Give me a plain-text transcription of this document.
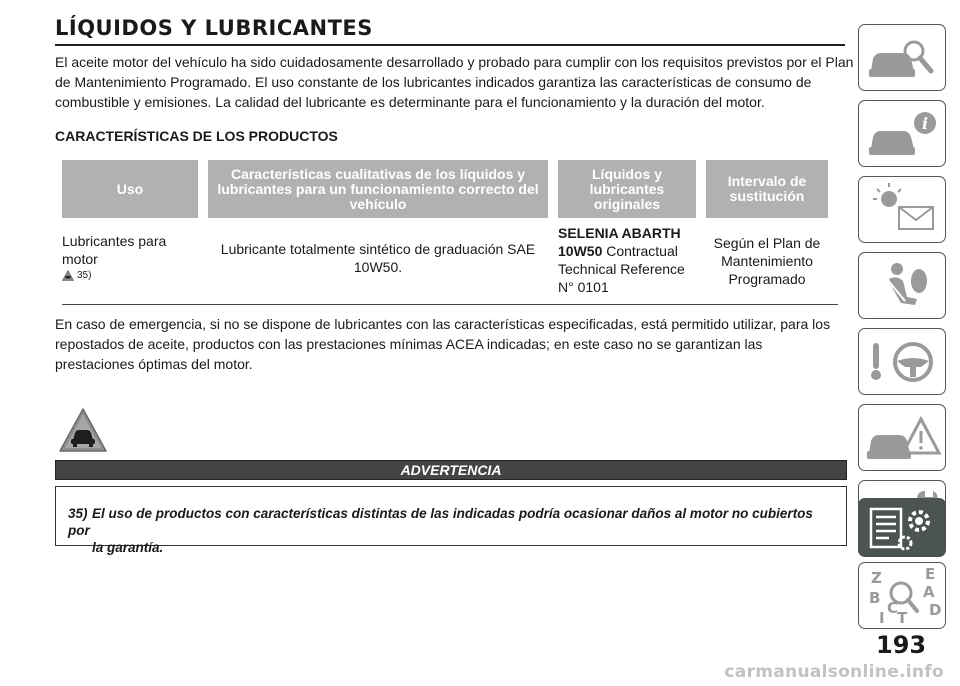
LÍQUIDOS Y LUBRICANTES

El aceite motor del vehículo ha sido cuidadosamente desarrollado y probado para cumplir con los requisitos previstos por el Plan de Mantenimiento Programado. El uso constante de los lubricantes indicados garantiza las características de consumo de combustible y emisiones. La calidad del lubricante es determinante para el funcionamiento y la duración del motor.

CARACTERÍSTICAS DE LOS PRODUCTOS
Uso
Características cualitativas de los líquidos y lubricantes para un funcionamiento correcto del vehículo
Líquidos y lubricantes originales
Intervalo de sustitución
Lubricantes para motor
35)
Lubricante totalmente sintético de graduación SAE 10W50.
SELENIA ABARTH 10W50 Contractual Technical Reference N° 0101
Según el Plan de Mantenimiento Programado

En caso de emergencia, si no se dispone de lubricantes con las características especificadas, está permitido utilizar, para los repostados de aceite, productos con las prestaciones mínimas ACEA indicadas; en este caso no se garantizan las prestaciones óptimas del motor.

ADVERTENCIA
35) El uso de productos con características distintas de las indicadas podría ocasionar daños al motor no cubiertos por
la garantía.
i
Z	E
B	A
C D
T
I
193
carmanualsonline.info
